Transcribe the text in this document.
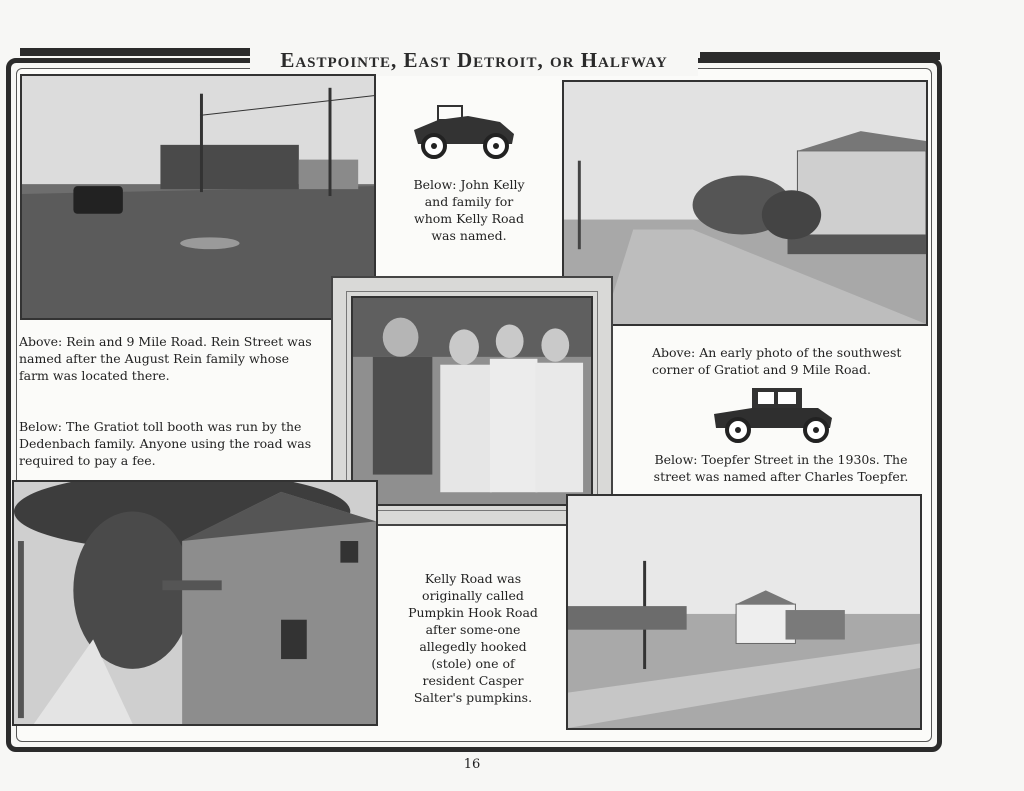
Eastpointe, East Detroit, or Halfway
Below: John Kelly and family for whom Kelly Road was named.
Above: Rein and 9 Mile Road. Rein Street was named after the August Rein family whose farm was located there.
Below: The Gratiot toll booth was run by the Dedenbach family. Anyone using the road was required to pay a fee.
Above: An early photo of the southwest corner of Gratiot and 9 Mile Road.
Below: Toepfer Street in the 1930s. The street was named after Charles Toepfer.
Kelly Road was originally called Pumpkin Hook Road after some-one allegedly hooked (stole) one of resident Casper Salter's pumpkins.
16
